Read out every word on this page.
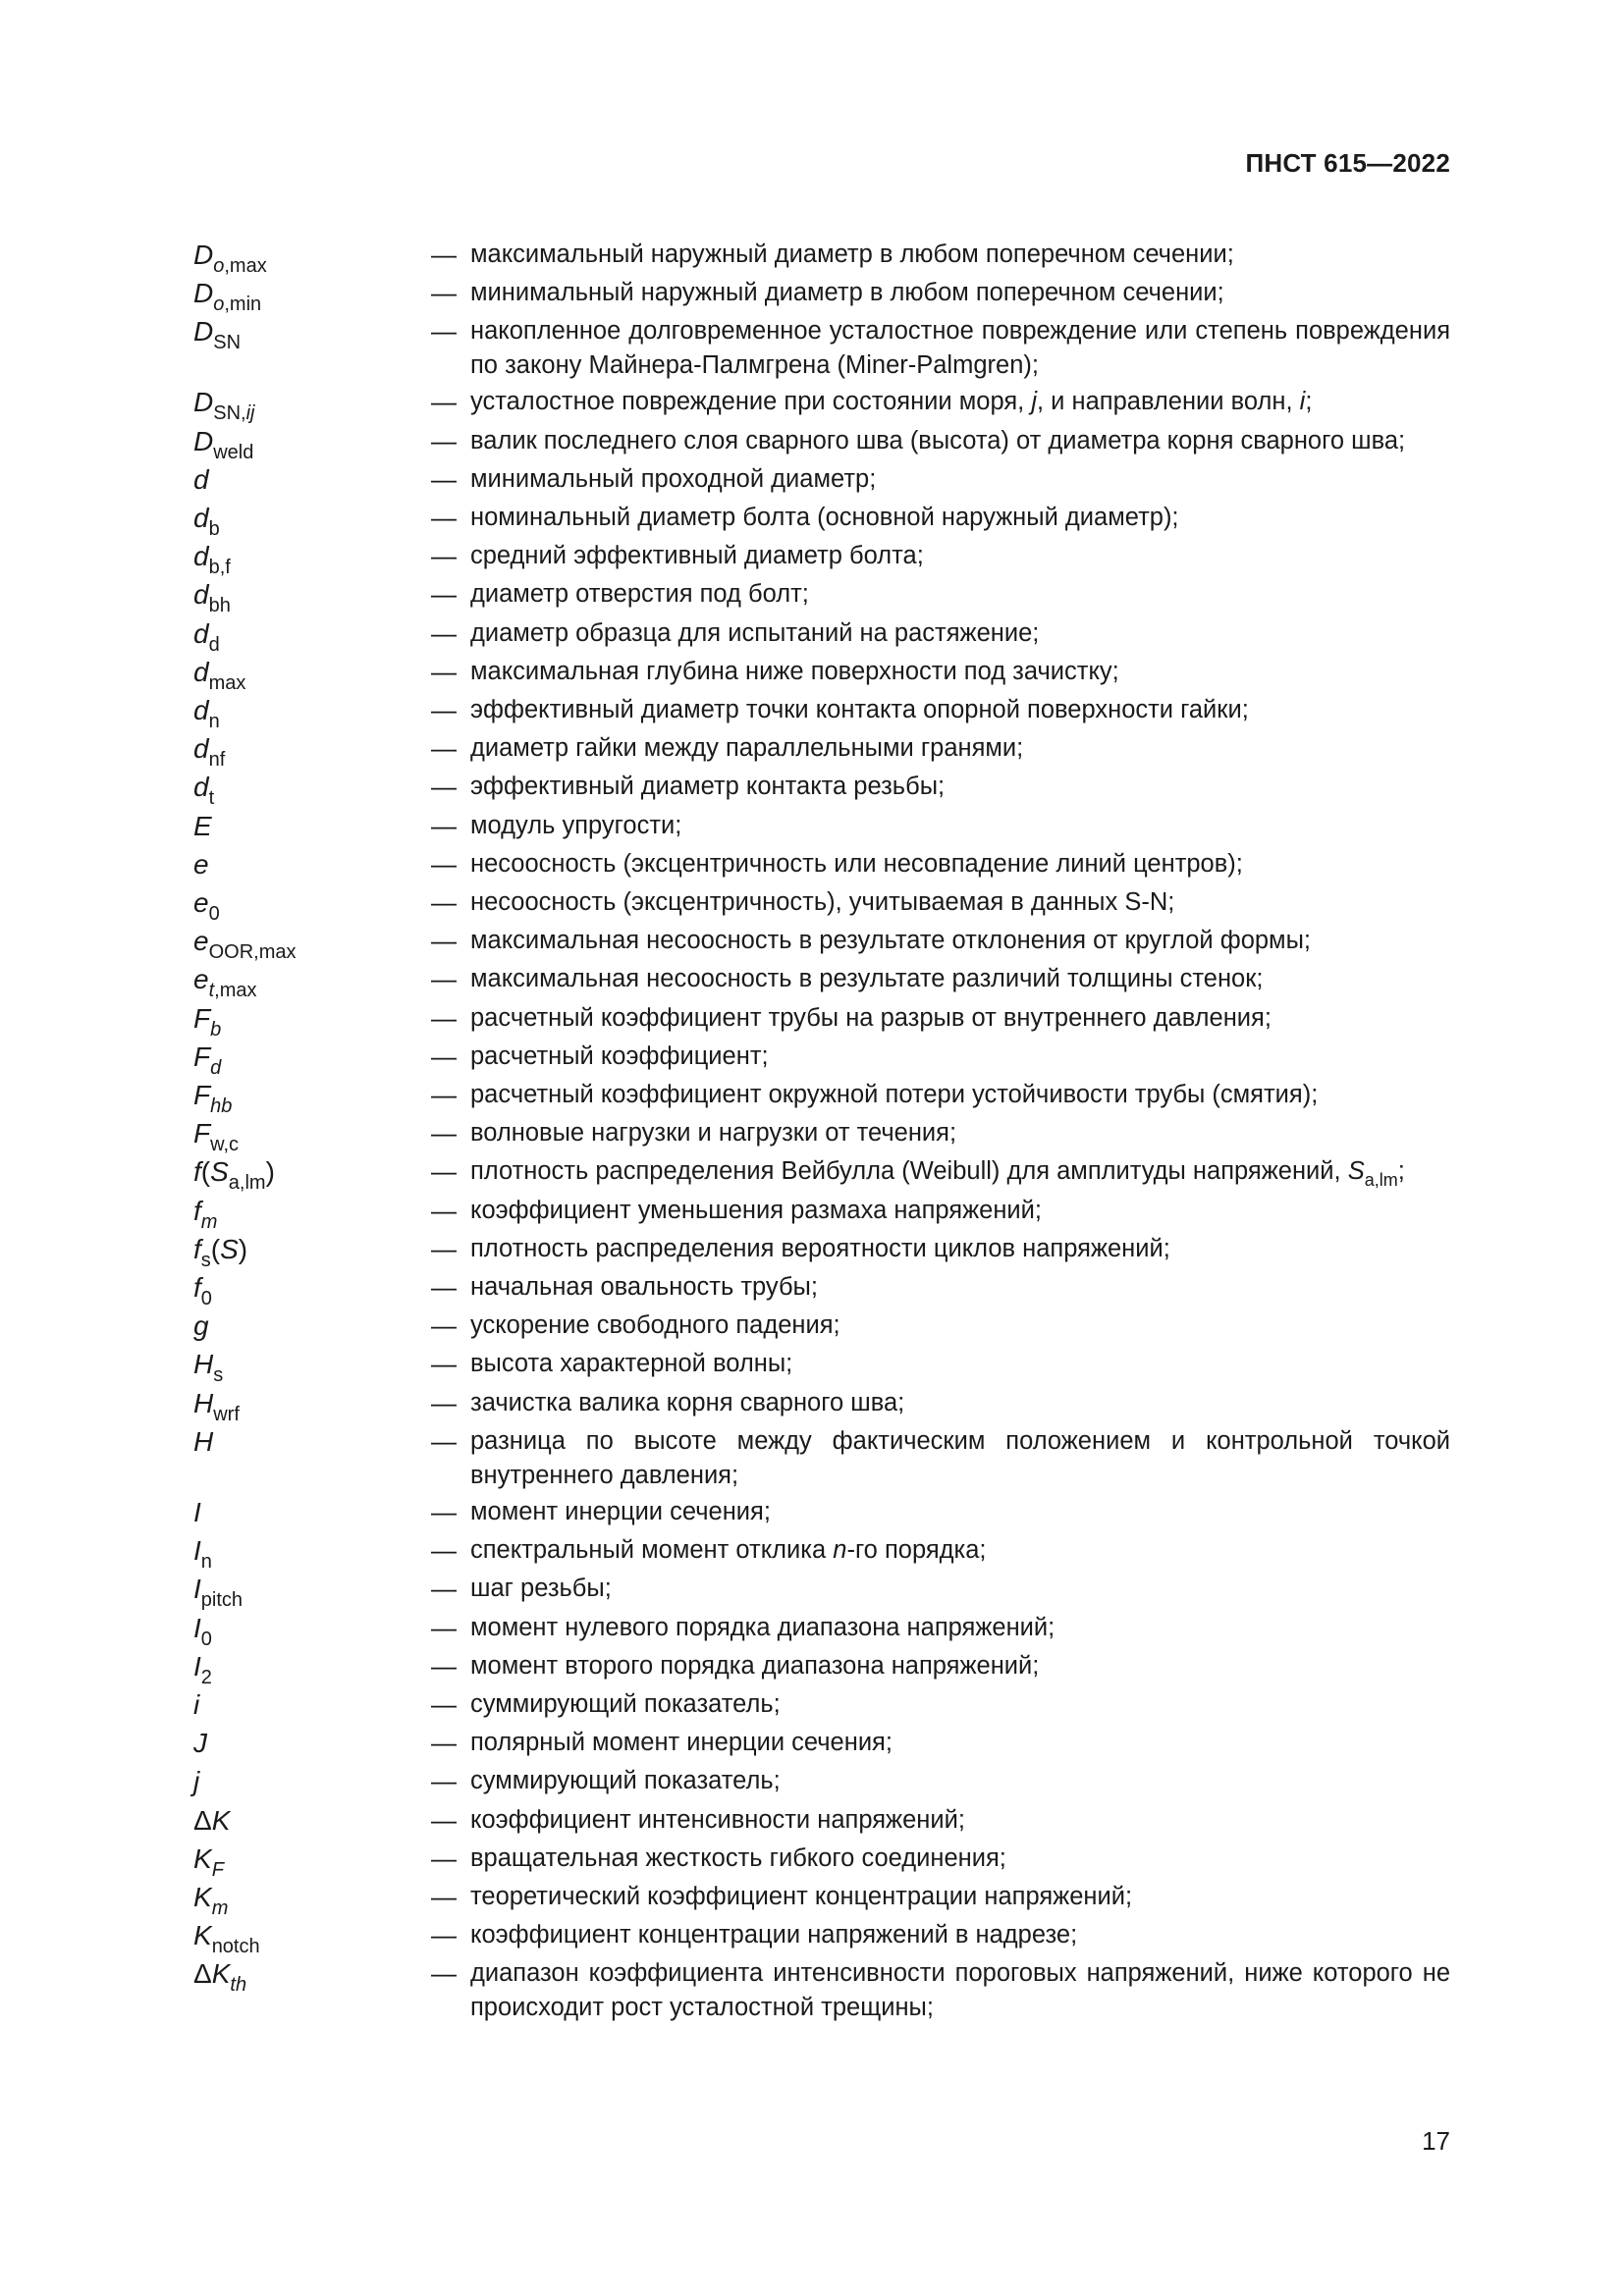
ПНСТ 615—2022
$D_{o,max}$	— максимальный наружный диаметр в любом поперечном сечении;
$D_{o,min}$	— минимальный наружный диаметр в любом поперечном сечении;
$D_{SN}$	— накопленное долговременное усталостное повреждение или степень повреждения по закону Майнера-Палмгрена (Miner-Palmgren);
$D_{SN,ij}$	— усталостное повреждение при состоянии моря, j, и направлении волн, i;
$D_{weld}$	— валик последнего слоя сварного шва (высота) от диаметра корня сварного шва;
d	— минимальный проходной диаметр;
$d_b$	— номинальный диаметр болта (основной наружный диаметр);
$d_{b,f}$	— средний эффективный диаметр болта;
$d_{bh}$	— диаметр отверстия под болт;
$d_d$	— диаметр образца для испытаний на растяжение;
$d_{max}$	— максимальная глубина ниже поверхности под зачистку;
$d_n$	— эффективный диаметр точки контакта опорной поверхности гайки;
$d_{nf}$	— диаметр гайки между параллельными гранями;
$d_t$	— эффективный диаметр контакта резьбы;
E	— модуль упругости;
e	— несоосность (эксцентричность или несовпадение линий центров);
$e_0$	— несоосность (эксцентричность), учитываемая в данных S-N;
$e_{OOR,max}$	— максимальная несоосность в результате отклонения от круглой формы;
$e_{t,max}$	— максимальная несоосность в результате различий толщины стенок;
$F_b$	— расчетный коэффициент трубы на разрыв от внутреннего давления;
$F_d$	— расчетный коэффициент;
$F_{hb}$	— расчетный коэффициент окружной потери устойчивости трубы (смятия);
$F_{w,c}$	— волновые нагрузки и нагрузки от течения;
$f(S_{a,lm})$	— плотность распределения Вейбулла (Weibull) для амплитуды напряжений, $S_{a,lm}$;
$f_m$	— коэффициент уменьшения размаха напряжений;
$f_s(S)$	— плотность распределения вероятности циклов напряжений;
$f_0$	— начальная овальность трубы;
g	— ускорение свободного падения;
$H_s$	— высота характерной волны;
$H_{wrf}$	— зачистка валика корня сварного шва;
H	— разница по высоте между фактическим положением и контрольной точкой внутреннего давления;
I	— момент инерции сечения;
$I_n$	— спектральный момент отклика n-го порядка;
$I_{pitch}$	— шаг резьбы;
$I_0$	— момент нулевого порядка диапазона напряжений;
$I_2$	— момент второго порядка диапазона напряжений;
i	— суммирующий показатель;
J	— полярный момент инерции сечения;
j	— суммирующий показатель;
ΔK	— коэффициент интенсивности напряжений;
$K_F$	— вращательная жесткость гибкого соединения;
$K_m$	— теоретический коэффициент концентрации напряжений;
$K_{notch}$	— коэффициент концентрации напряжений в надрезе;
$\Delta K_{th}$	— диапазон коэффициента интенсивности пороговых напряжений, ниже которого не происходит рост усталостной трещины;
17
